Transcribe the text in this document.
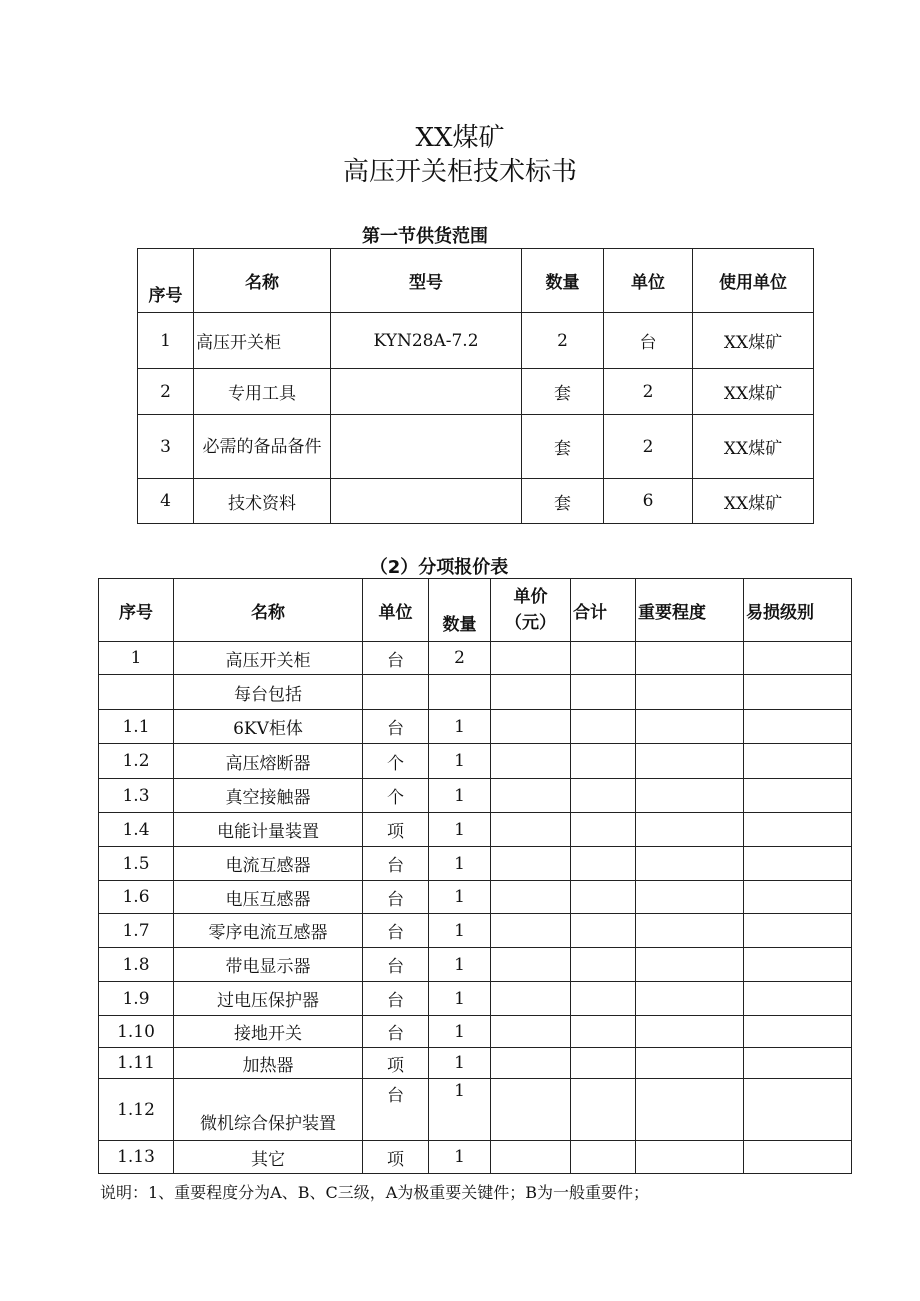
XX煤矿
高压开关柜技术标书
第一节供货范围
序号	名称	型号	数量	单位	使用单位
1	高压开关柜	KYN28A-7.2	2	台	XX煤矿
2	专用工具		套	2	XX煤矿
3	必需的备品备件		套	2	XX煤矿
4	技术资料		套	6	XX煤矿
（2）分项报价表
序号	名称	单位	数量	单价（元）	合计	重要程度	易损级别
1	高压开关柜	台	2				
	每台包括						
1.1	6KV柜体	台	1				
1.2	高压熔断器	个	1				
1.3	真空接触器	个	1				
1.4	电能计量装置	项	1				
1.5	电流互感器	台	1				
1.6	电压互感器	台	1				
1.7	零序电流互感器	台	1				
1.8	带电显示器	台	1				
1.9	过电压保护器	台	1				
1.10	接地开关	台	1				
1.11	加热器	项	1				
1.12	微机综合保护装置	台	1				
1.13	其它	项	1				
说明：1、重要程度分为A、B、C三级，A为极重要关键件；B为一般重要件；
